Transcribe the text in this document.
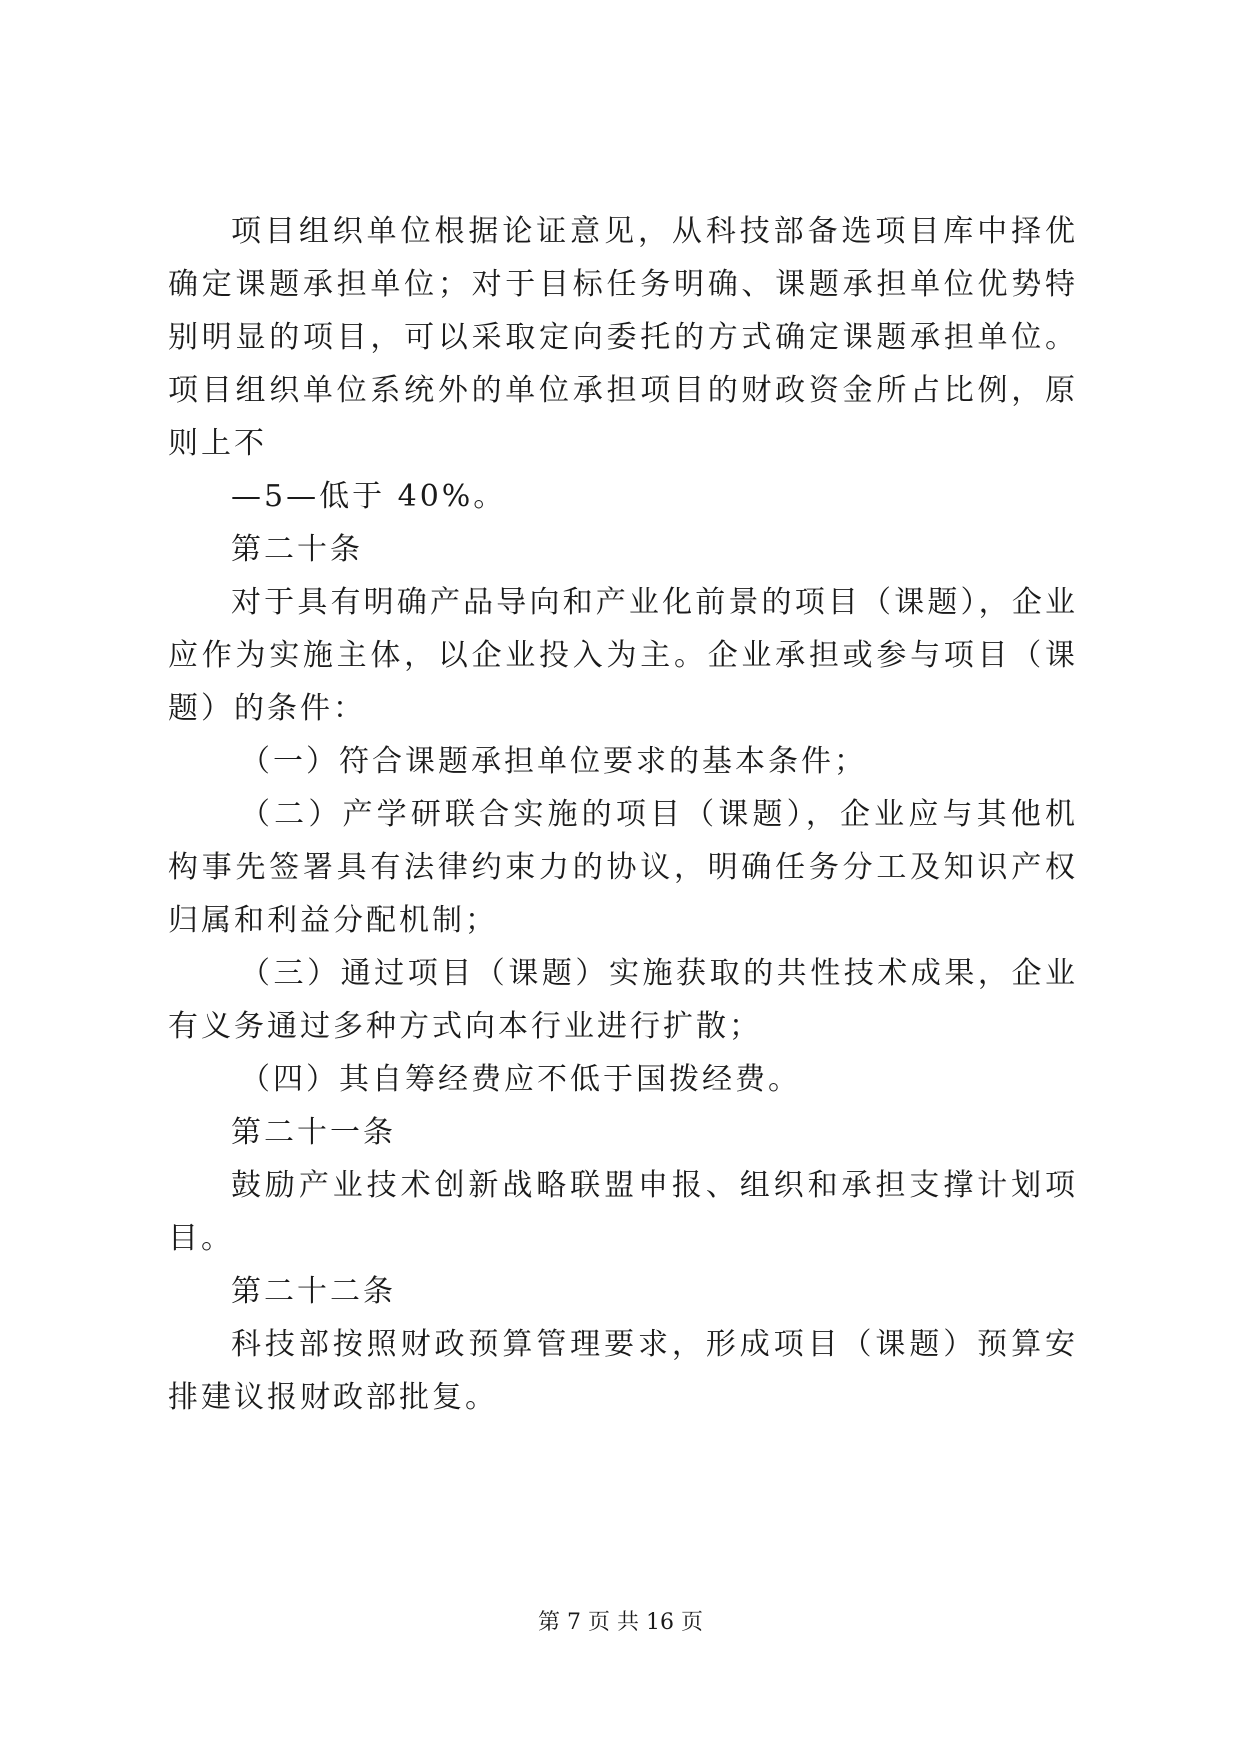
项目组织单位根据论证意见，从科技部备选项目库中择优确定课题承担单位；对于目标任务明确、课题承担单位优势特别明显的项目，可以采取定向委托的方式确定课题承担单位。项目组织单位系统外的单位承担项目的财政资金所占比例，原则上不

—5—低于 40%。

第二十条

对于具有明确产品导向和产业化前景的项目（课题），企业应作为实施主体，以企业投入为主。企业承担或参与项目（课题）的条件：

（一）符合课题承担单位要求的基本条件；

（二）产学研联合实施的项目（课题），企业应与其他机构事先签署具有法律约束力的协议，明确任务分工及知识产权归属和利益分配机制；

（三）通过项目（课题）实施获取的共性技术成果，企业有义务通过多种方式向本行业进行扩散；

（四）其自筹经费应不低于国拨经费。

第二十一条

鼓励产业技术创新战略联盟申报、组织和承担支撑计划项目。

第二十二条

科技部按照财政预算管理要求，形成项目（课题）预算安排建议报财政部批复。

第 7 页 共 16 页
